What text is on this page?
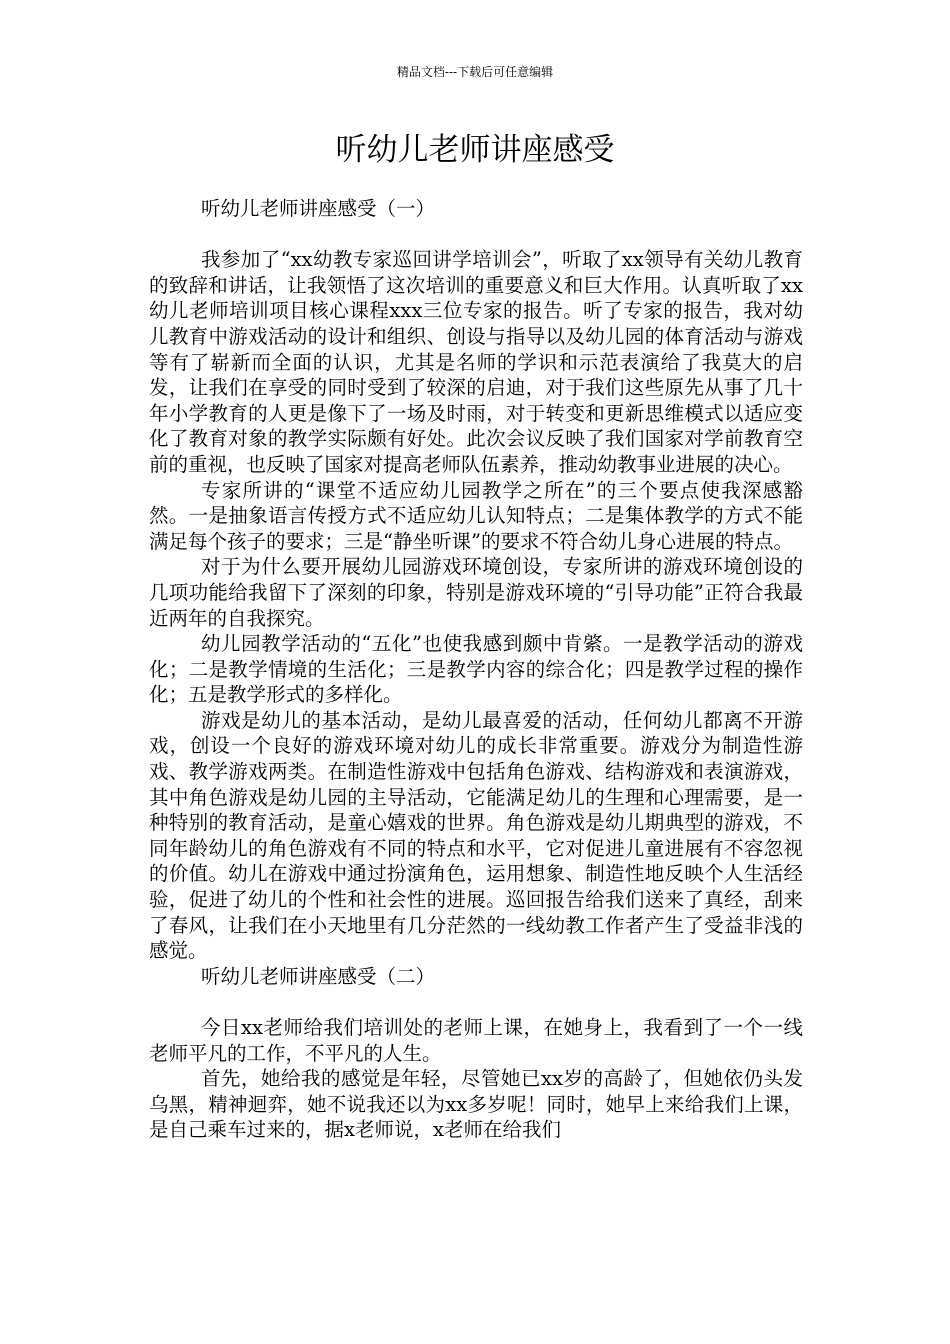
精品文档---下载后可任意编辑
听幼儿老师讲座感受
听幼儿老师讲座感受（一）

我参加了“xx幼教专家巡回讲学培训会”，听取了xx领导有关幼儿教育的致辞和讲话，让我领悟了这次培训的重要意义和巨大作用。认真听取了xx幼儿老师培训项目核心课程xxx三位专家的报告。听了专家的报告，我对幼儿教育中游戏活动的设计和组织、创设与指导以及幼儿园的体育活动与游戏等有了崭新而全面的认识，尤其是名师的学识和示范表演给了我莫大的启发，让我们在享受的同时受到了较深的启迪，对于我们这些原先从事了几十年小学教育的人更是像下了一场及时雨，对于转变和更新思维模式以适应变化了教育对象的教学实际颇有好处。此次会议反映了我们国家对学前教育空前的重视，也反映了国家对提高老师队伍素养，推动幼教事业进展的决心。

专家所讲的“课堂不适应幼儿园教学之所在”的三个要点使我深感豁然。一是抽象语言传授方式不适应幼儿认知特点；二是集体教学的方式不能满足每个孩子的要求；三是“静坐听课”的要求不符合幼儿身心进展的特点。

对于为什么要开展幼儿园游戏环境创设，专家所讲的游戏环境创设的几项功能给我留下了深刻的印象，特别是游戏环境的“引导功能”正符合我最近两年的自我探究。

幼儿园教学活动的“五化”也使我感到颇中肯綮。一是教学活动的游戏化；二是教学情境的生活化；三是教学内容的综合化；四是教学过程的操作化；五是教学形式的多样化。

游戏是幼儿的基本活动，是幼儿最喜爱的活动，任何幼儿都离不开游戏，创设一个良好的游戏环境对幼儿的成长非常重要。游戏分为制造性游戏、教学游戏两类。在制造性游戏中包括角色游戏、结构游戏和表演游戏，其中角色游戏是幼儿园的主导活动，它能满足幼儿的生理和心理需要，是一种特别的教育活动，是童心嬉戏的世界。角色游戏是幼儿期典型的游戏，不同年龄幼儿的角色游戏有不同的特点和水平，它对促进儿童进展有不容忽视的价值。幼儿在游戏中通过扮演角色，运用想象、制造性地反映个人生活经验，促进了幼儿的个性和社会性的进展。巡回报告给我们送来了真经，刮来了春风，让我们在小天地里有几分茫然的一线幼教工作者产生了受益非浅的感觉。

听幼儿老师讲座感受（二）

今日xx老师给我们培训处的老师上课，在她身上，我看到了一个一线老师平凡的工作，不平凡的人生。

首先，她给我的感觉是年轻，尽管她已xx岁的高龄了，但她依仍头发乌黑，精神迴弈，她不说我还以为xx多岁呢！同时，她早上来给我们上课，是自己乘车过来的，据x老师说，x老师在给我们
